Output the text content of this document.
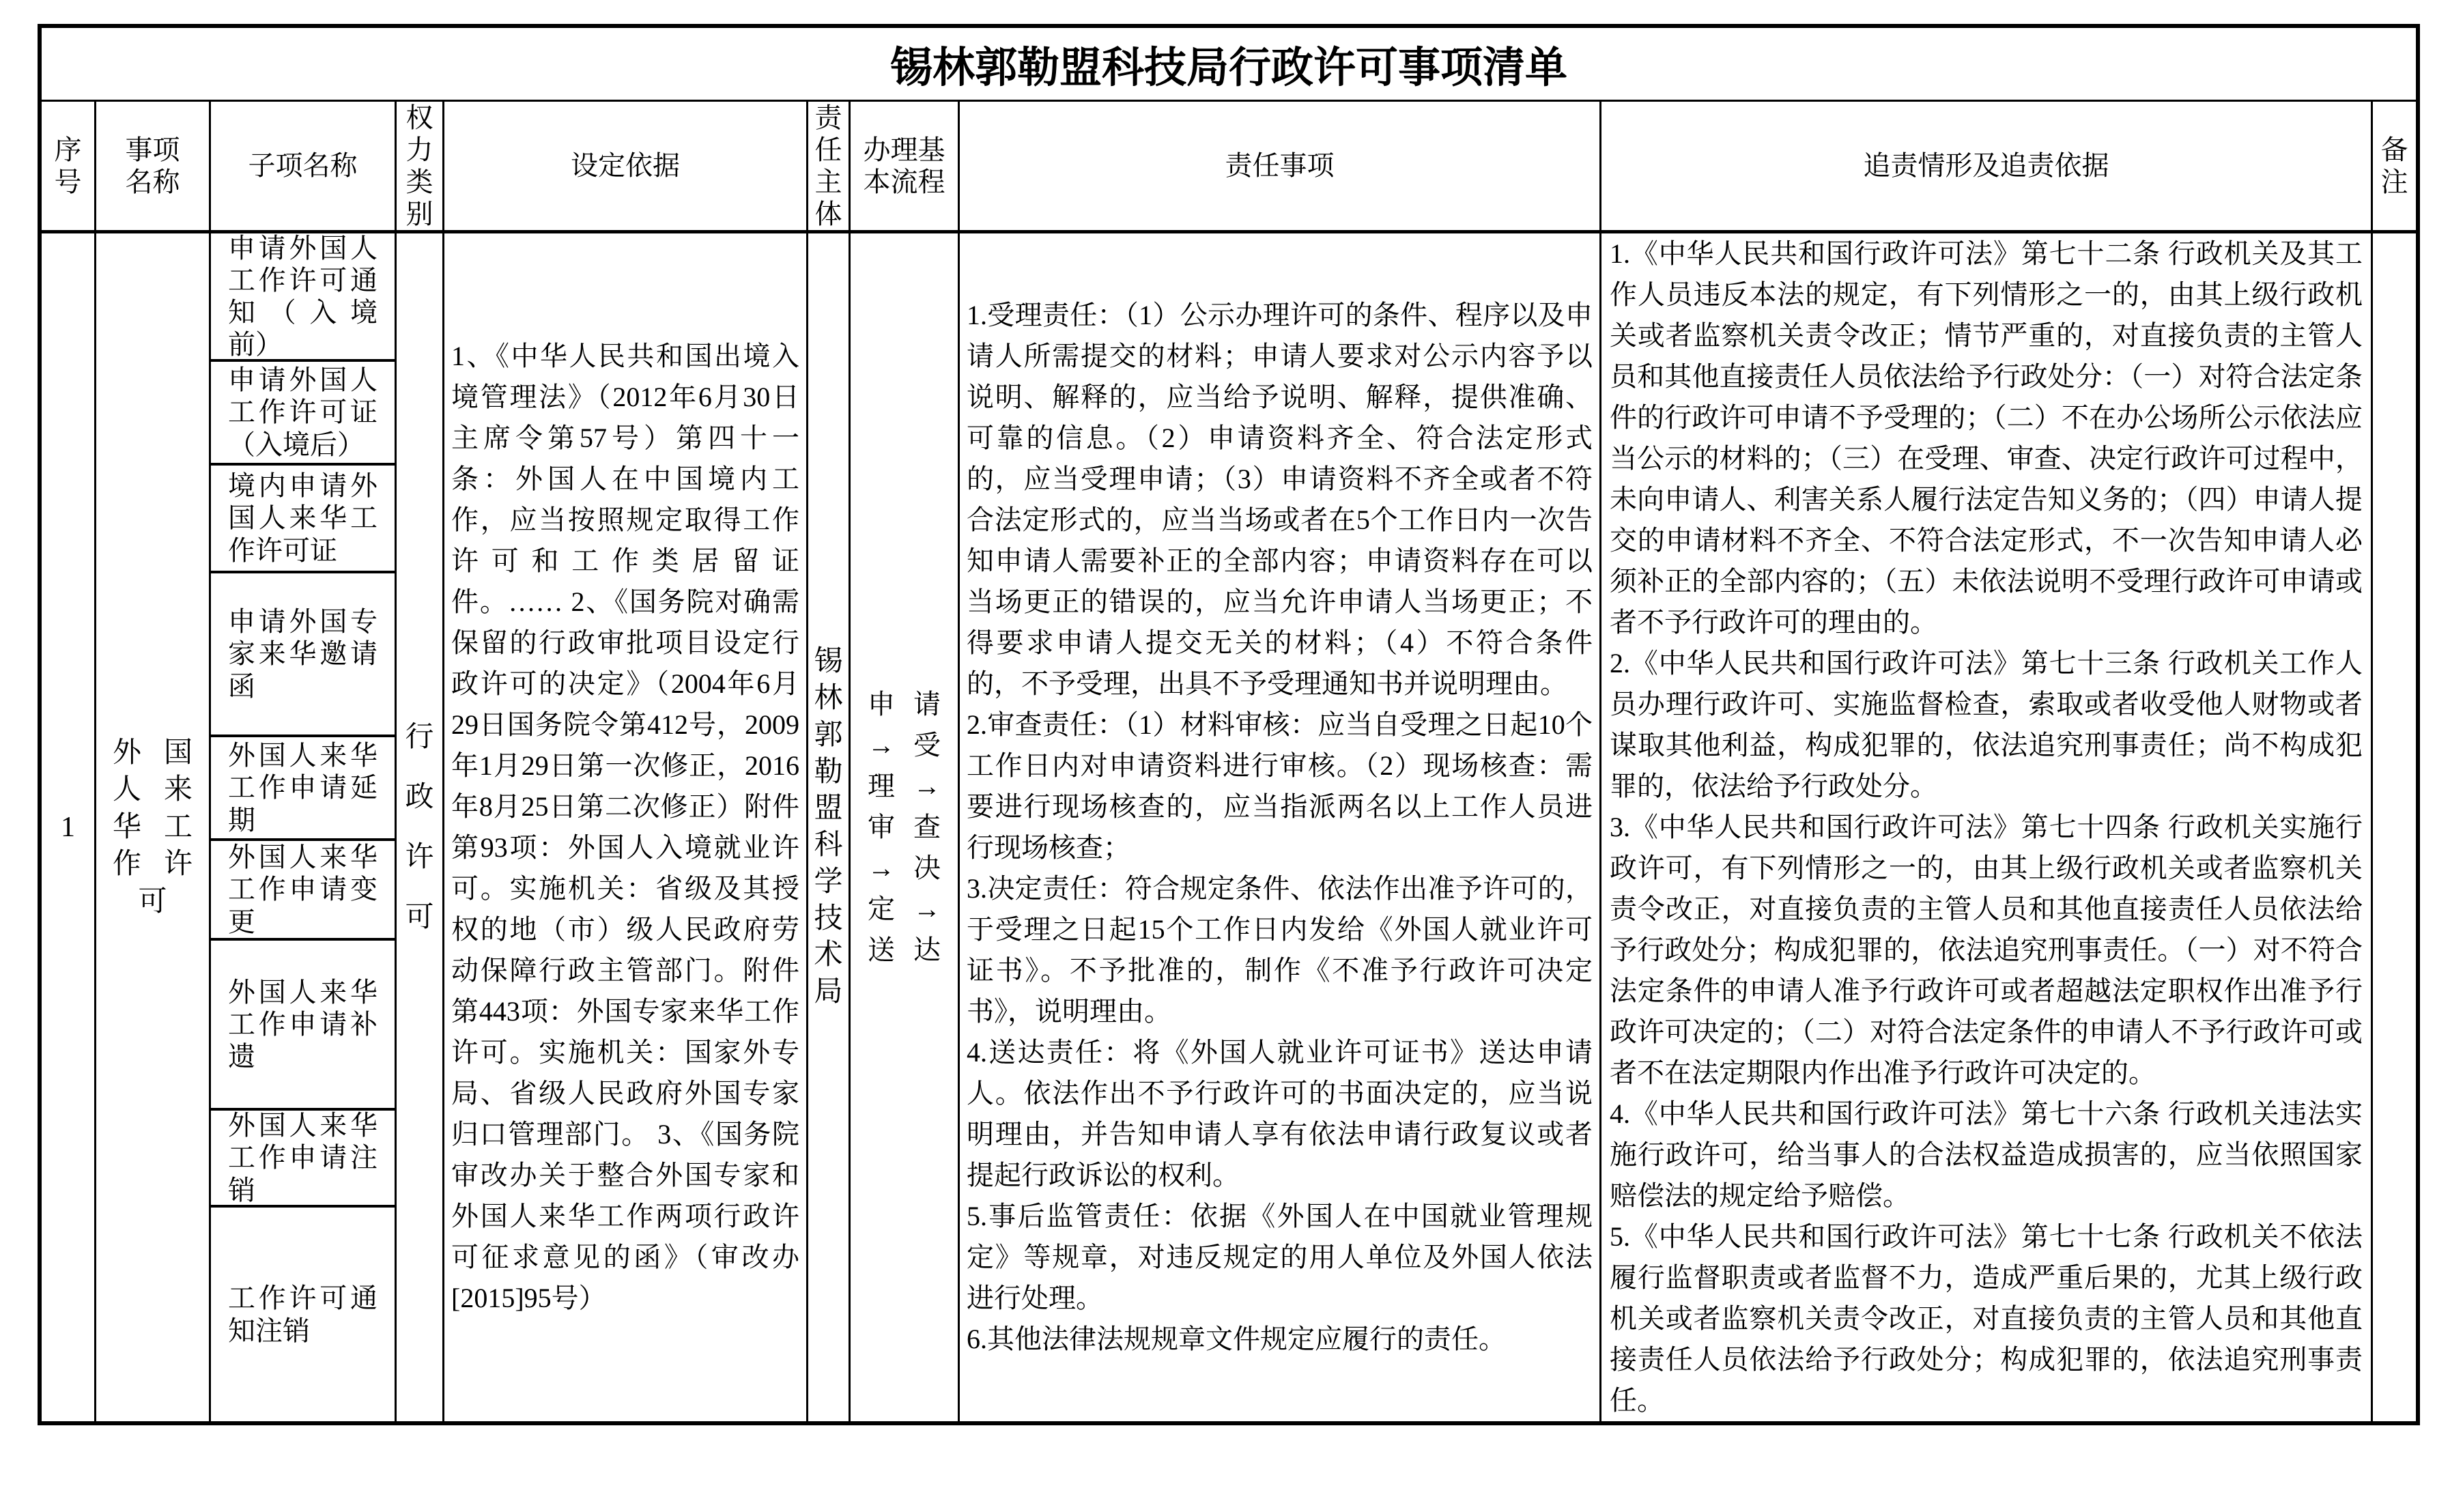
锡林郭勒盟科技局行政许可事项清单
序号
事项名称
子项名称
权力类别
设定依据
责任主体
办理基本流程
责任事项	追责情形及追责依据
备注
1
外国人来华工作许可
申请外国人工作许可通知（入境前）
申请外国人工作许可证（入境后）
境内申请外国人来华工作许可证
申请外国专家来华邀请函
外国人来华工作申请延期
外国人来华工作申请变更
外国人来华工作申请补遗
外国人来华工作申请注销
工作许可通知注销
行政许可

1、《中华人民共和国出境入境管理法》（2012年6月30日主席令第57号）第四十一条：外国人在中国境内工作，应当按照规定取得工作许可和工作类居留证件。…… 2、《国务院对确需保留的行政审批项目设定行政许可的决定》（2004年6月29日国务院令第412号，2009年1月29日第一次修正，2016年8月25日第二次修正）附件第93项：外国人入境就业许可。实施机关：省级及其授权的地（市）级人民政府劳动保障行政主管部门。附件第443项：外国专家来华工作许可。实施机关：国家外专局、省级人民政府外国专家归口管理部门。 3、《国务院审改办关于整合外国专家和外国人来华工作两项行政许可征求意见的函》（审改办[2015]95号）

锡林郭勒盟科学技术局
申请→受理→审查→决定→送达

1.受理责任：（1）公示办理许可的条件、程序以及申请人所需提交的材料；申请人要求对公示内容予以说明、解释的，应当给予说明、解释，提供准确、可靠的信息。（2）申请资料齐全、符合法定形式的，应当受理申请；（3）申请资料不齐全或者不符合法定形式的，应当当场或者在5个工作日内一次告知申请人需要补正的全部内容；申请资料存在可以当场更正的错误的，应当允许申请人当场更正；不得要求申请人提交无关的材料；（4）不符合条件的，不予受理，出具不予受理通知书并说明理由。

2.审查责任：（1）材料审核：应当自受理之日起10个工作日内对申请资料进行审核。（2）现场核查：需要进行现场核查的，应当指派两名以上工作人员进行现场核查；

3.决定责任：符合规定条件、依法作出准予许可的，于受理之日起15个工作日内发给《外国人就业许可证书》。不予批准的，制作《不准予行政许可决定书》，说明理由。

4.送达责任：将《外国人就业许可证书》送达申请人。依法作出不予行政许可的书面决定的，应当说明理由，并告知申请人享有依法申请行政复议或者提起行政诉讼的权利。

5.事后监管责任：依据《外国人在中国就业管理规定》等规章，对违反规定的用人单位及外国人依法进行处理。

6.其他法律法规规章文件规定应履行的责任。

1.《中华人民共和国行政许可法》第七十二条 行政机关及其工作人员违反本法的规定，有下列情形之一的，由其上级行政机关或者监察机关责令改正；情节严重的，对直接负责的主管人员和其他直接责任人员依法给予行政处分：（一）对符合法定条件的行政许可申请不予受理的；（二）不在办公场所公示依法应当公示的材料的；（三）在受理、审查、决定行政许可过程中，未向申请人、利害关系人履行法定告知义务的；（四）申请人提交的申请材料不齐全、不符合法定形式，不一次告知申请人必须补正的全部内容的；（五）未依法说明不受理行政许可申请或者不予行政许可的理由的。

2.《中华人民共和国行政许可法》第七十三条 行政机关工作人员办理行政许可、实施监督检查，索取或者收受他人财物或者谋取其他利益，构成犯罪的，依法追究刑事责任；尚不构成犯罪的，依法给予行政处分。

3.《中华人民共和国行政许可法》第七十四条 行政机关实施行政许可，有下列情形之一的，由其上级行政机关或者监察机关责令改正，对直接负责的主管人员和其他直接责任人员依法给予行政处分；构成犯罪的，依法追究刑事责任。（一）对不符合法定条件的申请人准予行政许可或者超越法定职权作出准予行政许可决定的；（二）对符合法定条件的申请人不予行政许可或者不在法定期限内作出准予行政许可决定的。

4.《中华人民共和国行政许可法》第七十六条 行政机关违法实施行政许可，给当事人的合法权益造成损害的，应当依照国家赔偿法的规定给予赔偿。

5.《中华人民共和国行政许可法》第七十七条 行政机关不依法履行监督职责或者监督不力，造成严重后果的，尤其上级行政机关或者监察机关责令改正，对直接负责的主管人员和其他直接责任人员依法给予行政处分；构成犯罪的，依法追究刑事责任。
